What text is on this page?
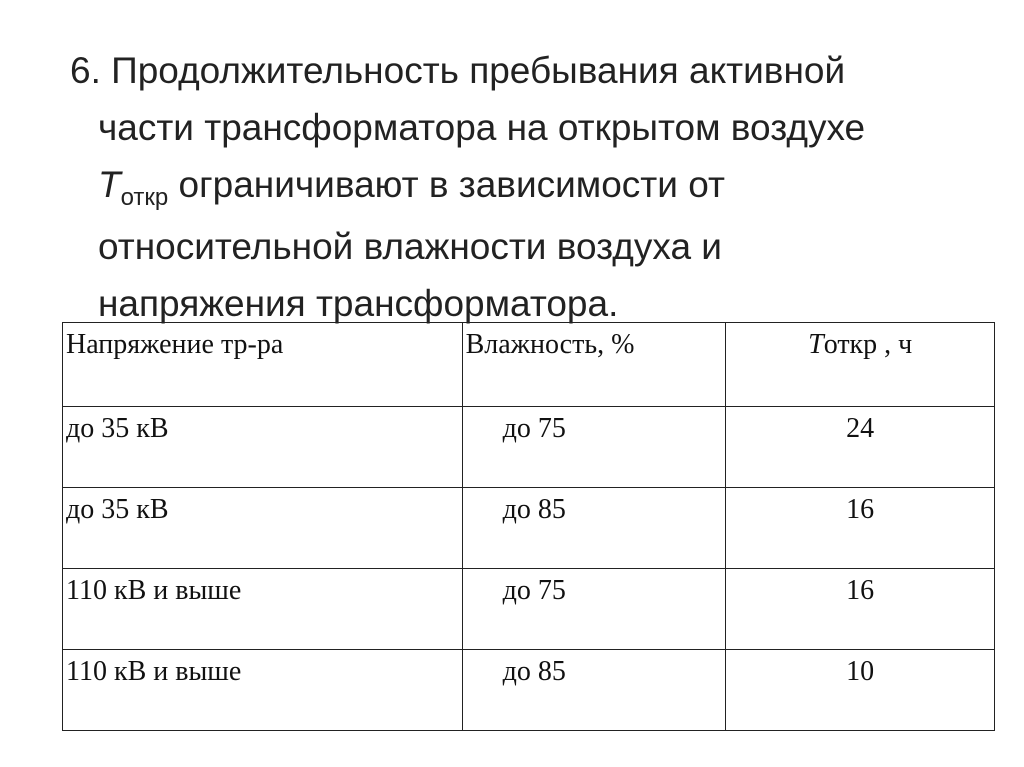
6. Продолжительность пребывания активной
части трансформатора на открытом воздухе
$T_{откр}$ ограничивают в зависимости от
относительной влажности воздуха и
напряжения трансформатора.
Напряжение тр-ра	Влажность, %	Tоткр , ч
до 35 кВ	до 75	24
до 35 кВ	до 85	16
110 кВ и выше	до 75	16
110 кВ и выше	до 85	10
